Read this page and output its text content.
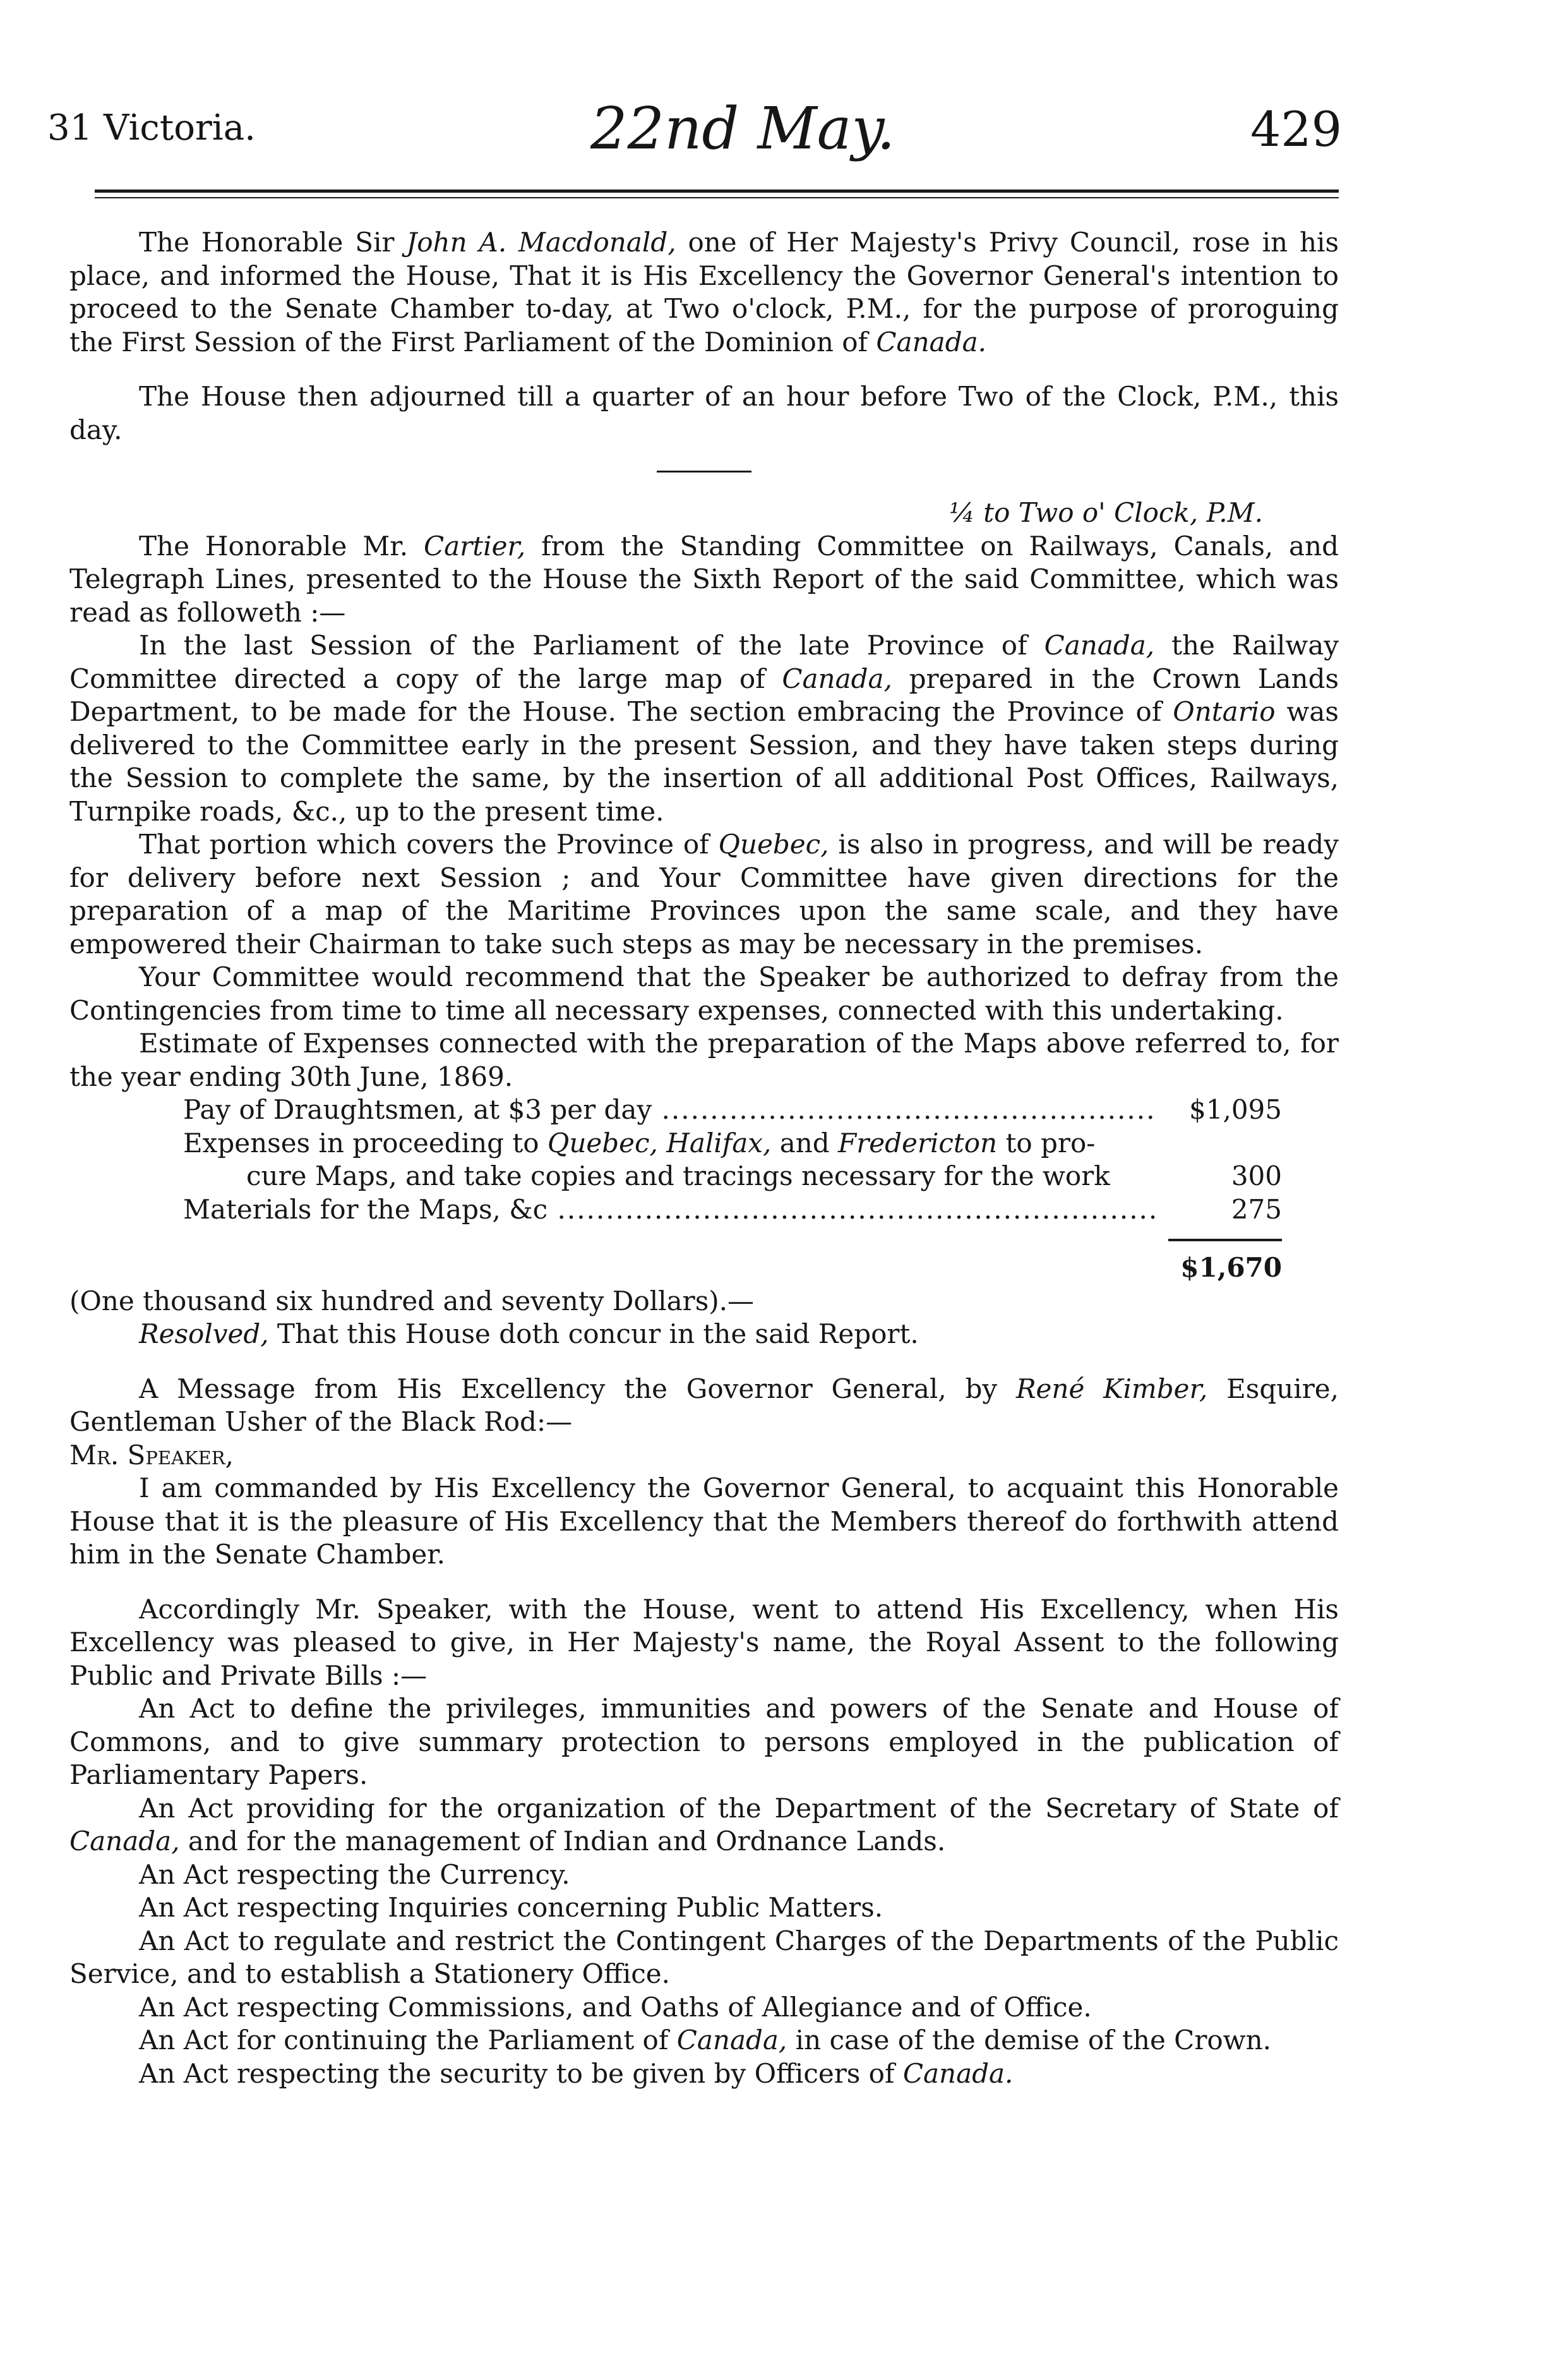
31 Victoria.	22nd May.	429

The Honorable Sir John A. Macdonald, one of Her Majesty's Privy Council, rose in his place, and informed the House, That it is His Excellency the Governor General's intention to proceed to the Senate Chamber to-day, at Two o'clock, P.M., for the purpose of proroguing the First Session of the First Parliament of the Dominion of Canada.

The House then adjourned till a quarter of an hour before Two of the Clock, P.M., this day.

¼ to Two o' Clock, P.M.

The Honorable Mr. Cartier, from the Standing Committee on Railways, Canals, and Telegraph Lines, presented to the House the Sixth Report of the said Committee, which was read as followeth :—

In the last Session of the Parliament of the late Province of Canada, the Railway Committee directed a copy of the large map of Canada, prepared in the Crown Lands Department, to be made for the House. The section embracing the Province of Ontario was delivered to the Committee early in the present Session, and they have taken steps during the Session to complete the same, by the insertion of all additional Post Offices, Railways, Turnpike roads, &c., up to the present time.

That portion which covers the Province of Quebec, is also in progress, and will be ready for delivery before next Session ; and Your Committee have given directions for the preparation of a map of the Maritime Provinces upon the same scale, and they have empowered their Chairman to take such steps as may be necessary in the premises.

Your Committee would recommend that the Speaker be authorized to defray from the Contingencies from time to time all necessary expenses, connected with this undertaking.

Estimate of Expenses connected with the preparation of the Maps above referred to, for the year ending 30th June, 1869.

Pay of Draughtsmen, at $3 per day .....	$1,095
Expenses in proceeding to Quebec, Halifax, and Fredericton to pro-
cure Maps, and take copies and tracings necessary for the work	300
Materials for the Maps, &c .....	275
$1,670

(One thousand six hundred and seventy Dollars).—

Resolved, That this House doth concur in the said Report.

A Message from His Excellency the Governor General, by René Kimber, Esquire, Gentleman Usher of the Black Rod:—

Mr. Speaker,

I am commanded by His Excellency the Governor General, to acquaint this Honorable House that it is the pleasure of His Excellency that the Members thereof do forthwith attend him in the Senate Chamber.

Accordingly Mr. Speaker, with the House, went to attend His Excellency, when His Excellency was pleased to give, in Her Majesty's name, the Royal Assent to the following Public and Private Bills :—

An Act to define the privileges, immunities and powers of the Senate and House of Commons, and to give summary protection to persons employed in the publication of Parliamentary Papers.

An Act providing for the organization of the Department of the Secretary of State of Canada, and for the management of Indian and Ordnance Lands.

An Act respecting the Currency.

An Act respecting Inquiries concerning Public Matters.

An Act to regulate and restrict the Contingent Charges of the Departments of the Public Service, and to establish a Stationery Office.

An Act respecting Commissions, and Oaths of Allegiance and of Office.

An Act for continuing the Parliament of Canada, in case of the demise of the Crown.

An Act respecting the security to be given by Officers of Canada.
